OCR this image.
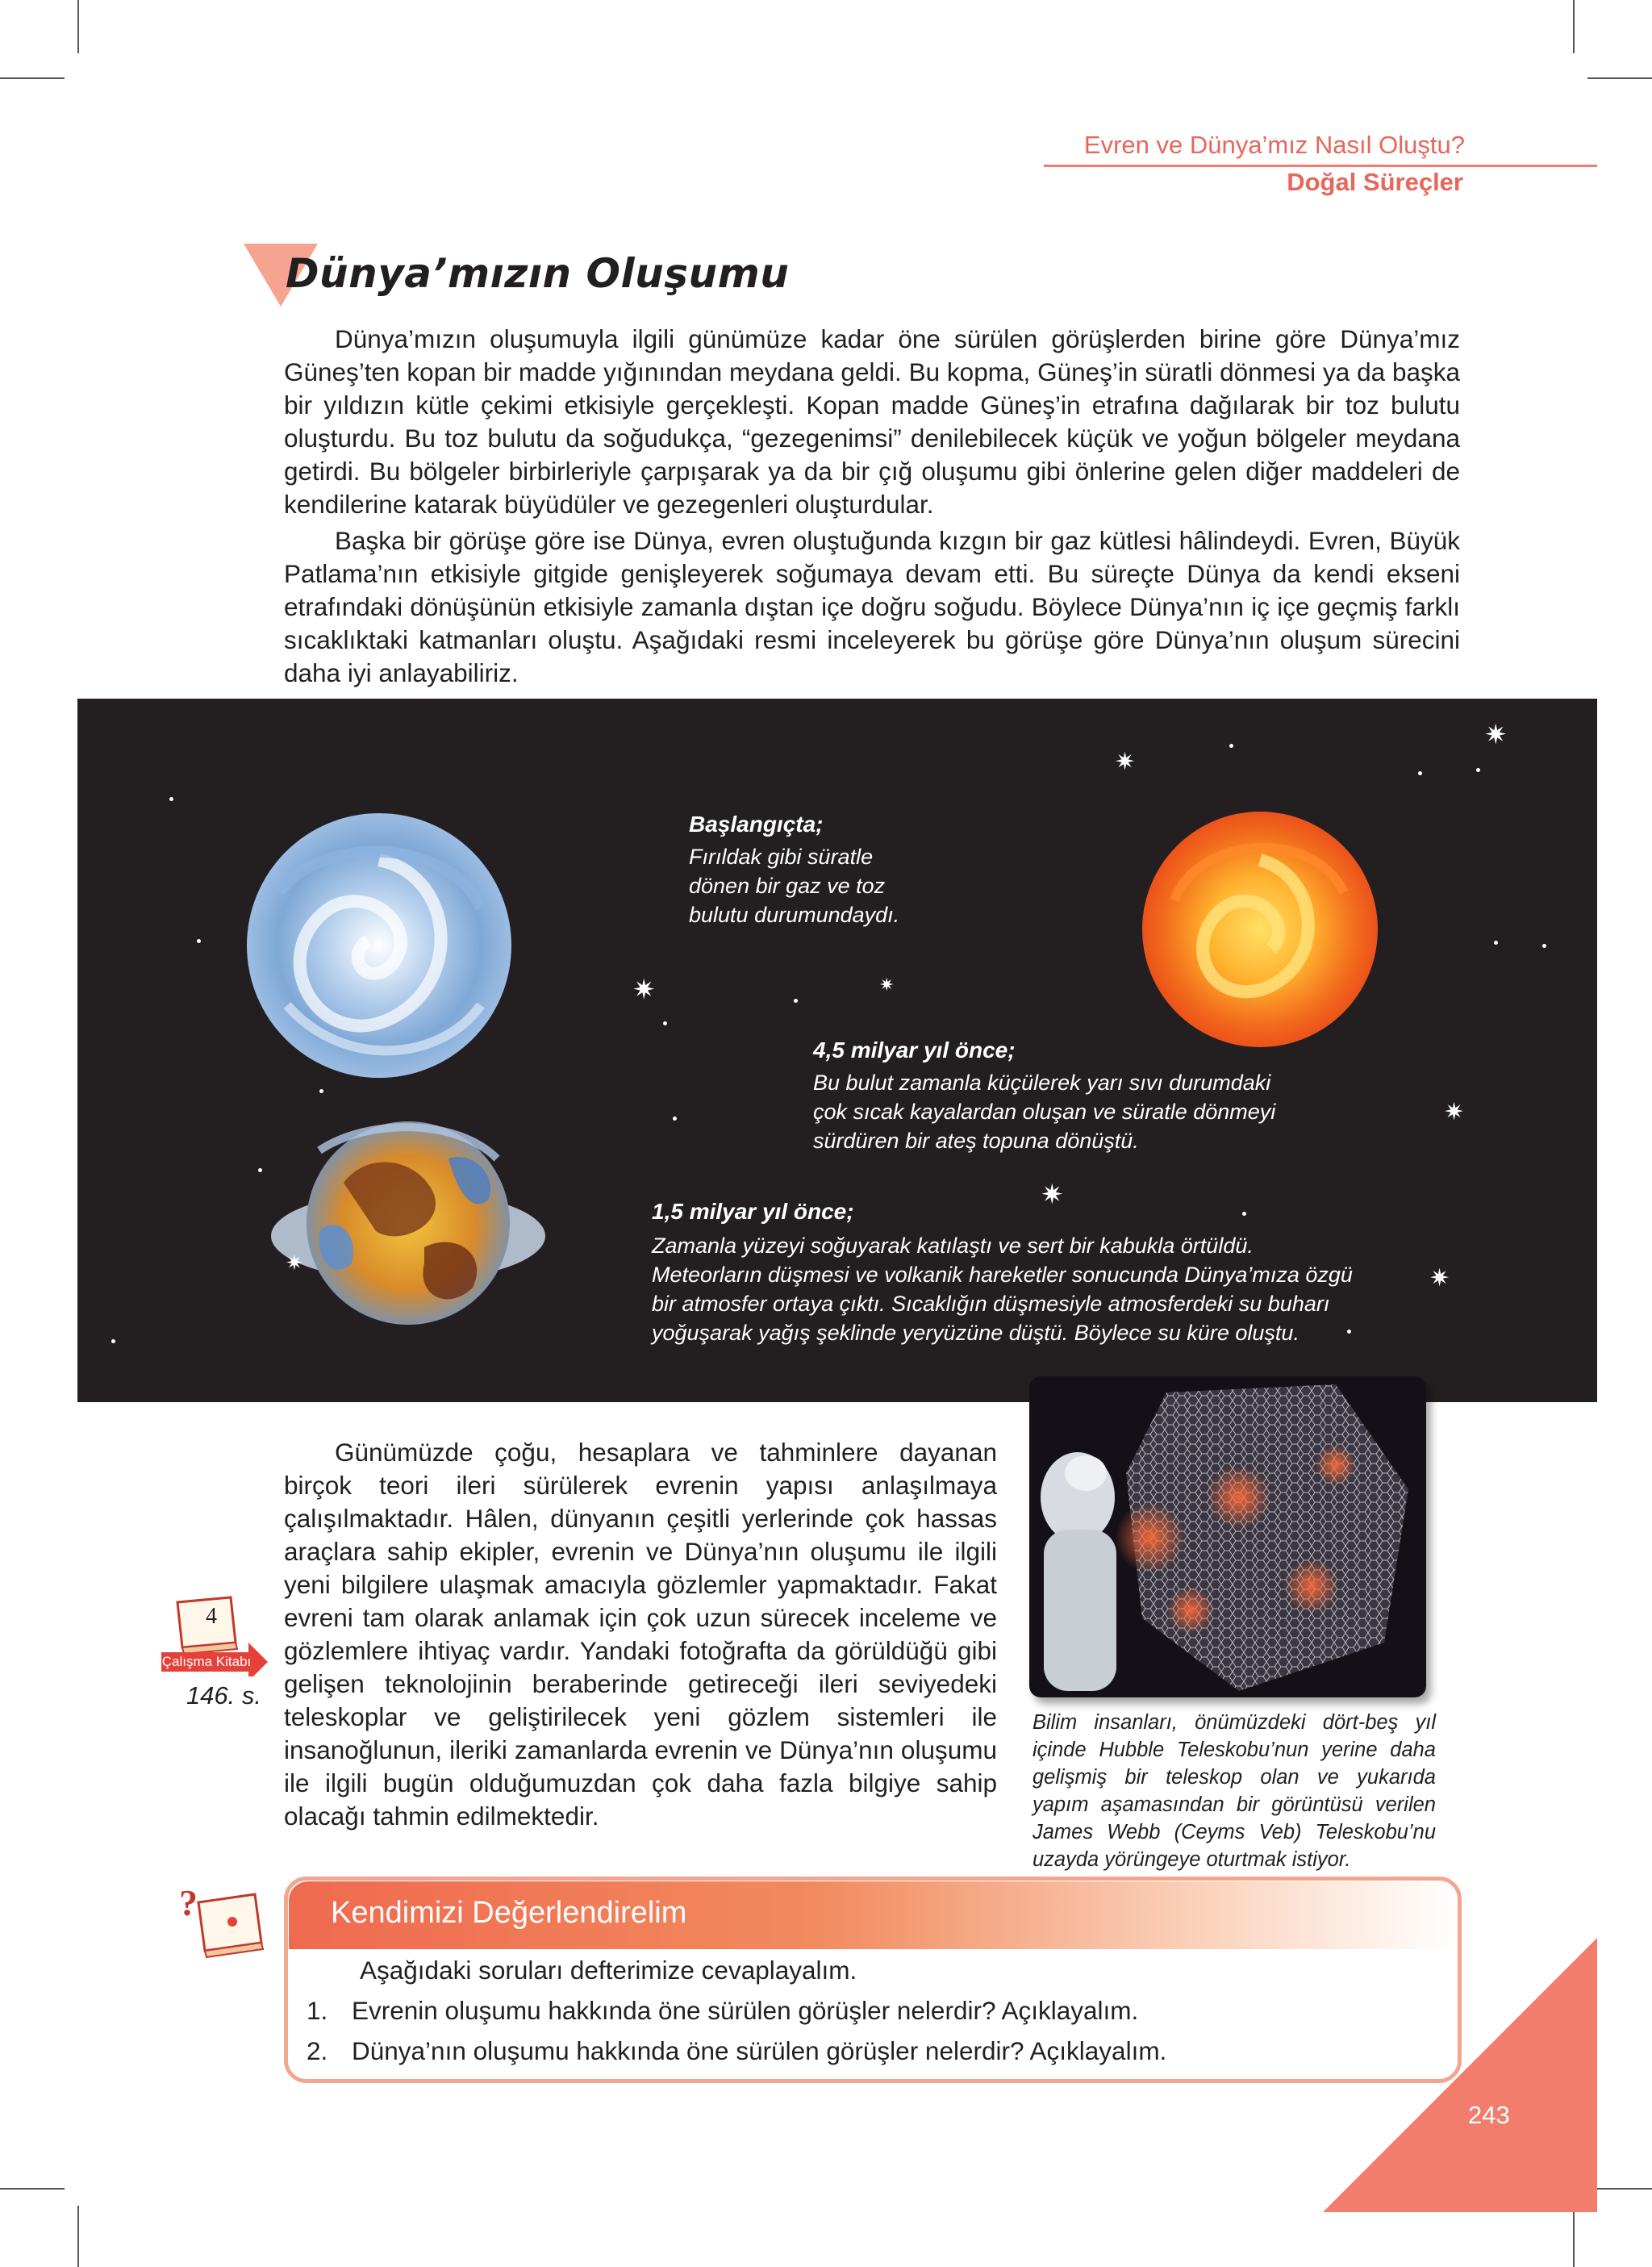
Evren ve Dünya’mız Nasıl Oluştu?
Doğal Süreçler
Dünya’mızın Oluşumu

Dünya’mızın oluşumuyla ilgili günümüze kadar öne sürülen görüşlerden birine göre Dünya’mız Güneş’ten kopan bir madde yığınından meydana geldi. Bu kopma, Güneş’in süratli dönmesi ya da başka bir yıldızın kütle çekimi etkisiyle gerçekleşti. Kopan madde Güneş’in etrafına dağılarak bir toz bulutu oluşturdu. Bu toz bulutu da soğudukça, “gezegenimsi” denilebilecek küçük ve yoğun bölgeler meydana getirdi. Bu bölgeler birbirleriyle çarpışarak ya da bir çığ oluşumu gibi önlerine gelen diğer maddeleri de kendilerine katarak büyüdüler ve gezegenleri oluşturdular.

Başka bir görüşe göre ise Dünya, evren oluştuğunda kızgın bir gaz kütlesi hâlindeydi. Evren, Büyük Patlama’nın etkisiyle gitgide genişleyerek soğumaya devam etti. Bu süreçte Dünya da kendi ekseni etrafındaki dönüşünün etkisiyle zamanla dıştan içe doğru soğudu. Böylece Dünya’nın iç içe geçmiş farklı sıcaklıktaki katmanları oluştu. Aşağıdaki resmi inceleyerek bu görüşe göre Dünya’nın oluşum sürecini daha iyi anlayabiliriz.

✷
✷
✷
✷
✷
✷
✷
✷
Başlangıçta;
Fırıldak gibi süratle
dönen bir gaz ve toz
bulutu durumundaydı.
4,5 milyar yıl önce;
Bu bulut zamanla küçülerek yarı sıvı durumdaki
çok sıcak kayalardan oluşan ve süratle dönmeyi
sürdüren bir ateş topuna dönüştü.
1,5 milyar yıl önce;
Zamanla yüzeyi soğuyarak katılaştı ve sert bir kabukla örtüldü.
Meteorların düşmesi ve volkanik hareketler sonucunda Dünya’mıza özgü
bir atmosfer ortaya çıktı. Sıcaklığın düşmesiyle atmosferdeki su buharı
yoğuşarak yağış şeklinde yeryüzüne düştü. Böylece su küre oluştu.

Günümüzde çoğu, hesaplara ve tahminlere dayanan birçok teori ileri sürülerek evrenin yapısı anlaşılmaya çalışılmaktadır. Hâlen, dünyanın çeşitli yerlerinde çok hassas araçlara sahip ekipler, evrenin ve Dünya’nın oluşumu ile ilgili yeni bilgilere ulaşmak amacıyla gözlemler yapmaktadır. Fakat evreni tam olarak anlamak için çok uzun sürecek inceleme ve gözlemlere ihtiyaç vardır. Yandaki fotoğrafta da görüldüğü gibi gelişen teknolojinin beraberinde getireceği ileri seviyedeki teleskoplar ve geliştirilecek yeni gözlem sistemleri ile insanoğlunun, ileriki zamanlarda evrenin ve Dünya’nın oluşumu ile ilgili bugün olduğumuzdan çok daha fazla bilgiye sahip olacağı tahmin edilmektedir.

4
Çalışma Kitabı
146. s.
Bilim insanları, önümüzdeki dört-beş yıl içinde Hubble Teleskobu’nun yerine daha gelişmiş bir teleskop olan ve yukarıda yapım aşamasından bir görüntüsü verilen James Webb (Ceyms Veb) Teleskobu’nu uzayda yörüngeye oturtmak istiyor.
?	Kendimizi Değerlendirelim
Aşağıdaki soruları defterimize cevaplayalım.
1. Evrenin oluşumu hakkında öne sürülen görüşler nelerdir? Açıklayalım.
2. Dünya’nın oluşumu hakkında öne sürülen görüşler nelerdir? Açıklayalım.
243
